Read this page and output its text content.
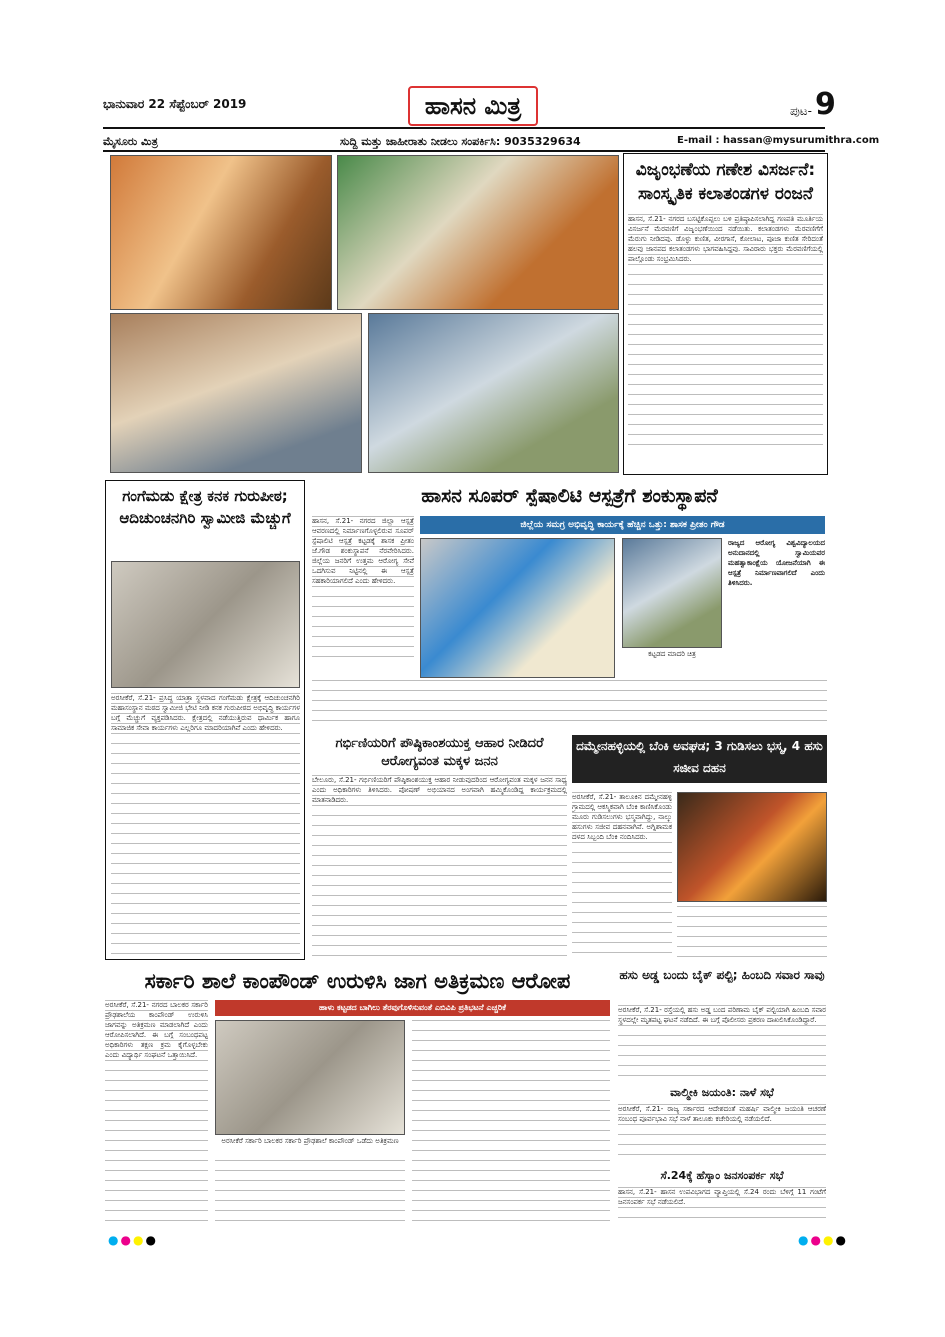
ಭಾನುವಾರ 22 ಸೆಪ್ಟೆಂಬರ್ 2019	ಹಾಸನ ಮಿತ್ರ	ಪುಟ- 9
ಮೈಸೂರು ಮಿತ್ರ	ಸುದ್ದಿ ಮತ್ತು ಜಾಹೀರಾತು ನೀಡಲು ಸಂಪರ್ಕಿಸಿ: 9035329634	E-mail : hassan@mysurumithra.com
ವಿಜೃಂಭಣೆಯ ಗಣೇಶ ವಿಸರ್ಜನೆ: ಸಾಂಸ್ಕೃತಿಕ ಕಲಾತಂಡಗಳ ರಂಜನೆ
ಹಾಸನ, ಸೆ.21- ನಗರದ ಬಸಟ್ಟಿಕೊಪ್ಪಲು ಬಳಿ ಪ್ರತಿಷ್ಠಾಪಿಸಲಾಗಿದ್ದ ಗಣಪತಿ ಮೂರ್ತಿಯ ವಿಸರ್ಜನೆ ಮೆರವಣಿಗೆ ವಿಜೃಂಭಣೆಯಿಂದ ನಡೆಯಿತು. ಕಲಾತಂಡಗಳು ಮೆರವಣಿಗೆಗೆ ಮೆರುಗು ನೀಡಿದವು. ಡೊಳ್ಳು ಕುಣಿತ, ವೀರಗಾಸೆ, ಕೋಲಾಟ, ಪೂಜಾ ಕುಣಿತ ಸೇರಿದಂತೆ ಹಲವು ಜಾನಪದ ಕಲಾತಂಡಗಳು ಭಾಗವಹಿಸಿದ್ದವು. ಸಾವಿರಾರು ಭಕ್ತರು ಮೆರವಣಿಗೆಯಲ್ಲಿ ಪಾಲ್ಗೊಂಡು ಸಂಭ್ರಮಿಸಿದರು.
ಗಂಗೆಮಡು ಕ್ಷೇತ್ರ ಕನಕ ಗುರುಪೀಠ; ಆದಿಚುಂಚನಗಿರಿ ಸ್ವಾಮೀಜಿ ಮೆಚ್ಚುಗೆ
ಅರಸೀಕೆರೆ, ಸೆ.21- ಪ್ರಸಿದ್ಧ ಯಾತ್ರಾ ಸ್ಥಳವಾದ ಗಂಗೆಮಡು ಕ್ಷೇತ್ರಕ್ಕೆ ಆದಿಚುಂಚನಗಿರಿ ಮಹಾಸಂಸ್ಥಾನ ಮಠದ ಸ್ವಾಮೀಜಿ ಭೇಟಿ ನೀಡಿ ಕನಕ ಗುರುಪೀಠದ ಅಭಿವೃದ್ಧಿ ಕಾರ್ಯಗಳ ಬಗ್ಗೆ ಮೆಚ್ಚುಗೆ ವ್ಯಕ್ತಪಡಿಸಿದರು. ಕ್ಷೇತ್ರದಲ್ಲಿ ನಡೆಯುತ್ತಿರುವ ಧಾರ್ಮಿಕ ಹಾಗೂ ಸಾಮಾಜಿಕ ಸೇವಾ ಕಾರ್ಯಗಳು ಎಲ್ಲರಿಗೂ ಮಾದರಿಯಾಗಿವೆ ಎಂದು ಹೇಳಿದರು.
ಹಾಸನ ಸೂಪರ್ ಸ್ಪೆಷಾಲಿಟಿ ಆಸ್ಪತ್ರೆಗೆ ಶಂಕುಸ್ಥಾಪನೆ
ಜಿಲ್ಲೆಯ ಸಮಗ್ರ ಅಭಿವೃದ್ಧಿ ಕಾರ್ಯಕ್ಕೆ ಹೆಚ್ಚಿನ ಒತ್ತು: ಶಾಸಕ ಪ್ರೀತಂ ಗೌಡ
ಹಾಸನ, ಸೆ.21- ನಗರದ ಜಿಲ್ಲಾ ಆಸ್ಪತ್ರೆ ಆವರಣದಲ್ಲಿ ನಿರ್ಮಾಣಗೊಳ್ಳಲಿರುವ ಸೂಪರ್ ಸ್ಪೆಷಾಲಿಟಿ ಆಸ್ಪತ್ರೆ ಕಟ್ಟಡಕ್ಕೆ ಶಾಸಕ ಪ್ರೀತಂ ಜೆ.ಗೌಡ ಶಂಕುಸ್ಥಾಪನೆ ನೆರವೇರಿಸಿದರು. ಜಿಲ್ಲೆಯ ಜನರಿಗೆ ಉತ್ತಮ ಆರೋಗ್ಯ ಸೇವೆ ಒದಗಿಸುವ ನಿಟ್ಟಿನಲ್ಲಿ ಈ ಆಸ್ಪತ್ರೆ ಸಹಕಾರಿಯಾಗಲಿದೆ ಎಂದು ಹೇಳಿದರು.
ಕಟ್ಟಡದ ಮಾದರಿ ಚಿತ್ರ
ರಾಜ್ಯದ ಆರೋಗ್ಯ ವಿಶ್ವವಿದ್ಯಾಲಯದ ಅನುದಾನದಲ್ಲಿ ಸ್ವಾಮಿಯವರ ಮಹತ್ವಾಕಾಂಕ್ಷೆಯ ಯೋಜನೆಯಾಗಿ ಈ ಆಸ್ಪತ್ರೆ ನಿರ್ಮಾಣವಾಗಲಿದೆ ಎಂದು ತಿಳಿಸಿದರು.
ಗರ್ಭಿಣಿಯರಿಗೆ ಪೌಷ್ಠಿಕಾಂಶಯುಕ್ತ ಆಹಾರ ನೀಡಿದರೆ ಆರೋಗ್ಯವಂತ ಮಕ್ಕಳ ಜನನ
ಬೇಲೂರು, ಸೆ.21- ಗರ್ಭಿಣಿಯರಿಗೆ ಪೌಷ್ಠಿಕಾಂಶಯುಕ್ತ ಆಹಾರ ನೀಡುವುದರಿಂದ ಆರೋಗ್ಯವಂತ ಮಕ್ಕಳ ಜನನ ಸಾಧ್ಯ ಎಂದು ಅಧಿಕಾರಿಗಳು ತಿಳಿಸಿದರು. ಪೋಷಣ್ ಅಭಿಯಾನದ ಅಂಗವಾಗಿ ಹಮ್ಮಿಕೊಂಡಿದ್ದ ಕಾರ್ಯಕ್ರಮದಲ್ಲಿ ಮಾತನಾಡಿದರು.
ದಮ್ಮೇನಹಳ್ಳಿಯಲ್ಲಿ ಬೆಂಕಿ ಅವಘಡ; 3 ಗುಡಿಸಲು ಭಸ್ಮ, 4 ಹಸು ಸಜೀವ ದಹನ
ಅರಸೀಕೆರೆ, ಸೆ.21- ತಾಲೂಕಿನ ದಮ್ಮೇನಹಳ್ಳಿ ಗ್ರಾಮದಲ್ಲಿ ಆಕಸ್ಮಿಕವಾಗಿ ಬೆಂಕಿ ಕಾಣಿಸಿಕೊಂಡು ಮೂರು ಗುಡಿಸಲುಗಳು ಭಸ್ಮವಾಗಿದ್ದು, ನಾಲ್ಕು ಹಸುಗಳು ಸಜೀವ ದಹನವಾಗಿವೆ. ಅಗ್ನಿಶಾಮಕ ದಳದ ಸಿಬ್ಬಂದಿ ಬೆಂಕಿ ನಂದಿಸಿದರು.
ಸರ್ಕಾರಿ ಶಾಲೆ ಕಾಂಪೌಂಡ್ ಉರುಳಿಸಿ ಜಾಗ ಅತಿಕ್ರಮಣ ಆರೋಪ
ಹಾಳು ಕಟ್ಟಡದ ಬಾಗಿಲು ತೆರವುಗೊಳಿಸುವಂತೆ ಎಬಿವಿಪಿ ಪ್ರತಿಭಟನೆ ಎಚ್ಚರಿಕೆ
ಅರಸೀಕೆರೆ, ಸೆ.21- ನಗರದ ಬಾಲಕರ ಸರ್ಕಾರಿ ಪ್ರೌಢಶಾಲೆಯ ಕಾಂಪೌಂಡ್ ಉರುಳಿಸಿ ಜಾಗವನ್ನು ಅತಿಕ್ರಮಣ ಮಾಡಲಾಗಿದೆ ಎಂದು ಆರೋಪಿಸಲಾಗಿದೆ. ಈ ಬಗ್ಗೆ ಸಂಬಂಧಪಟ್ಟ ಅಧಿಕಾರಿಗಳು ತಕ್ಷಣ ಕ್ರಮ ಕೈಗೊಳ್ಳಬೇಕು ಎಂದು ವಿದ್ಯಾರ್ಥಿ ಸಂಘಟನೆ ಒತ್ತಾಯಿಸಿದೆ.
ಅರಸೀಕೆರೆ ಸರ್ಕಾರಿ ಬಾಲಕರ ಸರ್ಕಾರಿ ಪ್ರೌಢಶಾಲೆ ಕಾಂಪೌಂಡ್ ಒಡೆದು ಅತಿಕ್ರಮಣ
ಹಸು ಅಡ್ಡ ಬಂದು ಬೈಕ್ ಪಲ್ಟಿ; ಹಿಂಬದಿ ಸವಾರ ಸಾವು
ಅರಸೀಕೆರೆ, ಸೆ.21- ರಸ್ತೆಯಲ್ಲಿ ಹಸು ಅಡ್ಡ ಬಂದ ಪರಿಣಾಮ ಬೈಕ್ ಪಲ್ಟಿಯಾಗಿ ಹಿಂಬದಿ ಸವಾರ ಸ್ಥಳದಲ್ಲೇ ಮೃತಪಟ್ಟ ಘಟನೆ ನಡೆದಿದೆ. ಈ ಬಗ್ಗೆ ಪೊಲೀಸರು ಪ್ರಕರಣ ದಾಖಲಿಸಿಕೊಂಡಿದ್ದಾರೆ.
ವಾಲ್ಮೀಕಿ ಜಯಂತಿ: ನಾಳೆ ಸಭೆ
ಅರಸೀಕೆರೆ, ಸೆ.21- ರಾಜ್ಯ ಸರ್ಕಾರದ ಆದೇಶದಂತೆ ಮಹರ್ಷಿ ವಾಲ್ಮೀಕಿ ಜಯಂತಿ ಆಚರಣೆ ಸಂಬಂಧ ಪೂರ್ವಭಾವಿ ಸಭೆ ನಾಳೆ ತಾಲೂಕು ಕಚೇರಿಯಲ್ಲಿ ನಡೆಯಲಿದೆ.
ಸೆ.24ಕ್ಕೆ ಹೆಸ್ಕಾಂ ಜನಸಂಪರ್ಕ ಸಭೆ
ಹಾಸನ, ಸೆ.21- ಹಾಸನ ಉಪವಿಭಾಗದ ವ್ಯಾಪ್ತಿಯಲ್ಲಿ ಸೆ.24 ರಂದು ಬೆಳಿಗ್ಗೆ 11 ಗಂಟೆಗೆ ಜನಸಂಪರ್ಕ ಸಭೆ ನಡೆಯಲಿದೆ.
●●●●	●●●●
